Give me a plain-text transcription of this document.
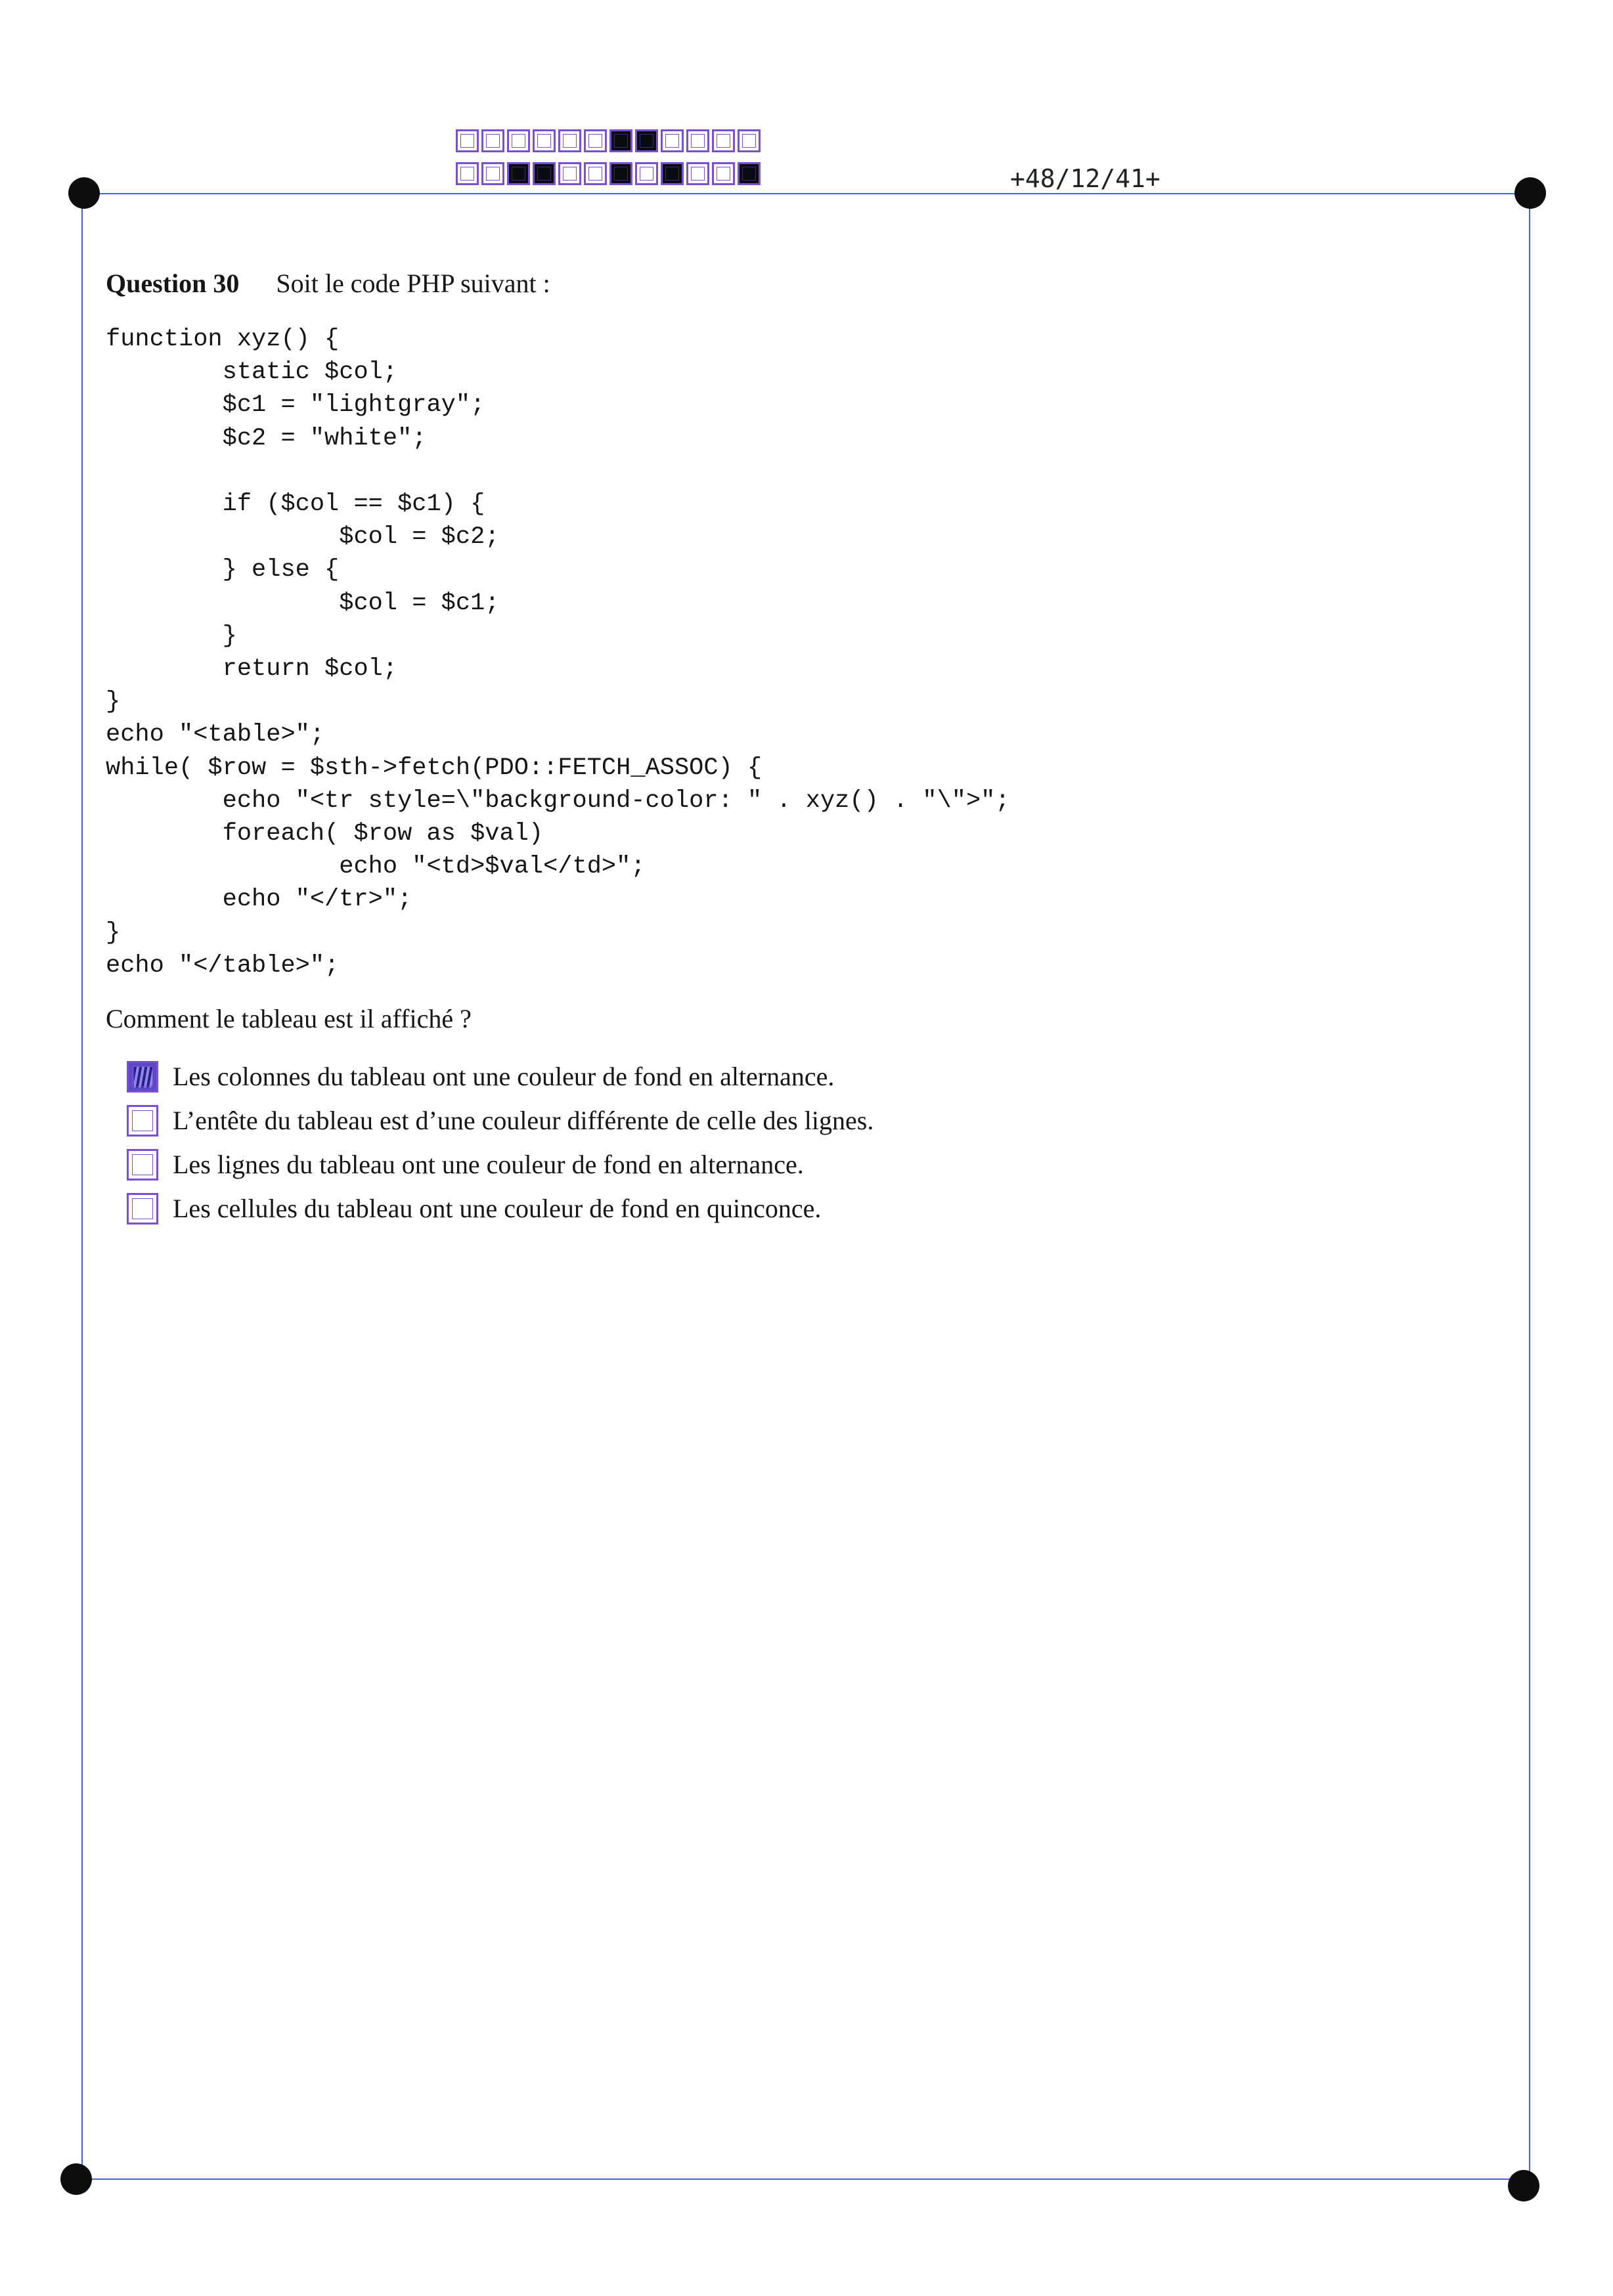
+48/12/41+
Question 30 Soit le code PHP suivant :
function xyz() {
static $col;
$c1 = "lightgray";
$c2 = "white";

if ($col == $c1) {
$col = $c2;
} else {
$col = $c1;
}
return $col;
}
echo "<table>";
while( $row = $sth->fetch(PDO::FETCH_ASSOC) {
echo "<tr style=\"background-color: " . xyz() . "\">";
foreach( $row as $val)
echo "<td>$val</td>";
echo "</tr>";
}
echo "</table>";
Comment le tableau est il affiché ?
Les colonnes du tableau ont une couleur de fond en alternance.
L’entête du tableau est d’une couleur différente de celle des lignes.
Les lignes du tableau ont une couleur de fond en alternance.
Les cellules du tableau ont une couleur de fond en quinconce.
